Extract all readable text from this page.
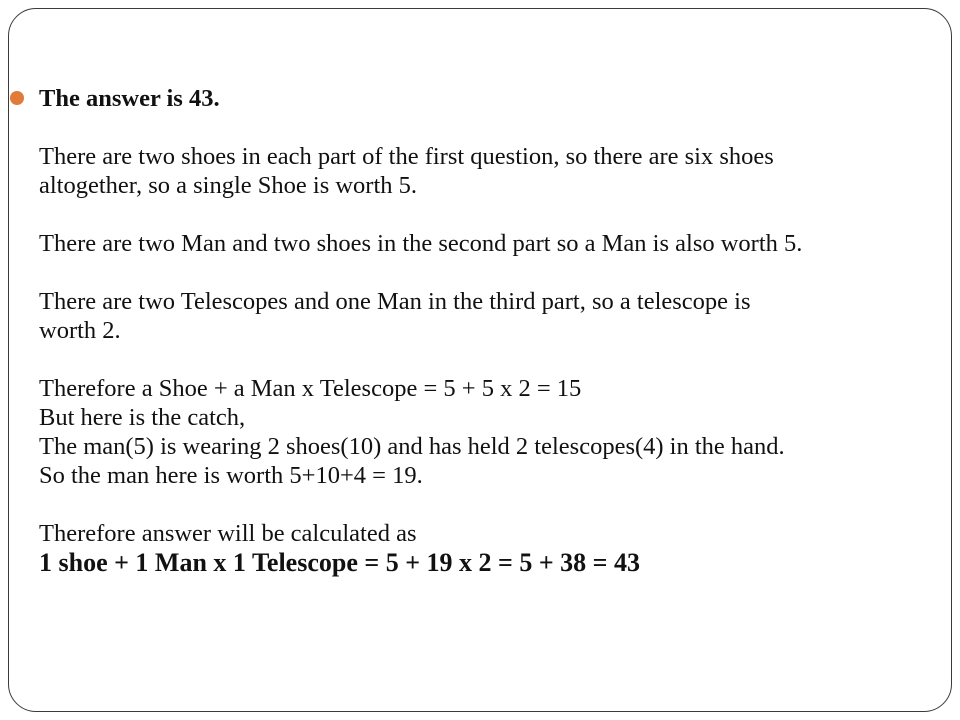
The answer is 43.
There are two shoes in each part of the first question, so there are six shoes
altogether, so a single Shoe is worth 5.
There are two Man and two shoes in the second part so a Man is also worth 5.
There are two Telescopes and one Man in the third part, so a telescope is
worth 2.
Therefore a Shoe + a Man x Telescope = 5 + 5 x 2 = 15
But here is the catch,
The man(5) is wearing 2 shoes(10) and has held 2 telescopes(4) in the hand.
So the man here is worth 5+10+4 = 19.
Therefore answer will be calculated as
1 shoe + 1 Man x 1 Telescope = 5 + 19 x 2 = 5 + 38 = 43
